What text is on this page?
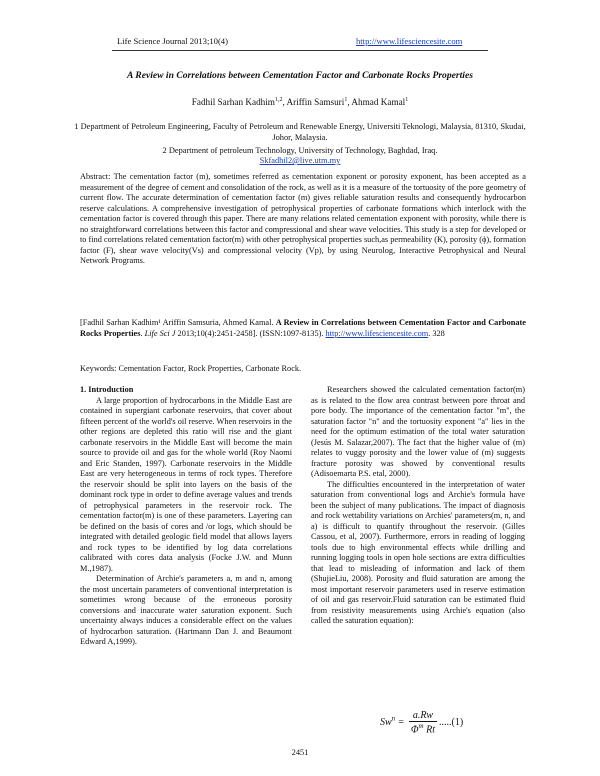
Life Science Journal 2013;10(4)	http://www.lifesciencesite.com
A Review in Correlations between Cementation Factor and Carbonate Rocks Properties
Fadhil Sarhan Kadhim$^{1,2}$, Ariffin Samsuri$^1$, Ahmad Kamal$^1$
1 Department of Petroleum Engineering, Faculty of Petroleum and Renewable Energy, Universiti Teknologi, Malaysia, 81310, Skudai, Johor, Malaysia.
2 Department of petroleum Technology, University of Technology, Baghdad, Iraq.
Skfadhil2@live.utm.my
Abstract: The cementation factor (m), sometimes referred as cementation exponent or porosity exponent, has been accepted as a measurement of the degree of cement and consolidation of the rock, as well as it is a measure of the tortuosity of the pore geometry of current flow. The accurate determination of cementation factor (m) gives reliable saturation results and consequently hydrocarbon reserve calculations. A comprehensive investigation of petrophysical properties of carbonate formations which interlock with the cementation factor is covered through this paper. There are many relations related cementation exponent with porosity, while there is no straightforward correlations between this factor and compressional and shear wave velocities. This study is a step for developed or to find correlations related cementation factor(m) with other petrophysical properties such,as permeability (K), porosity (ϕ), formation factor (F), shear wave velocity(Vs) and compressional velocity (Vp), by using Neurolog, Interactive Petrophysical and Neural Network Programs.
[Fadhil Sarhan Kadhim¹ Ariffin Samsuria, Ahmed Kamal. A Review in Correlations between Cementation Factor and Carbonate Rocks Properties. Life Sci J 2013;10(4):2451-2458]. (ISSN:1097-8135). http://www.lifesciencesite.com. 328
Keywords: Cementation Factor, Rock Properties, Carbonate Rock.

1. Introduction

A large proportion of hydrocarbons in the Middle East are contained in supergiant carbonate reservoirs, that cover about fifteen percent of the world's oil reserve. When reservoirs in the other regions are depleted this ratio will rise and the giant carbonate reservoirs in the Middle East will become the main source to provide oil and gas for the whole world (Roy Naomi and Eric Standen, 1997). Carbonate reservoirs in the Middle East are very heterogeneous in terms of rock types. Therefore the reservoir should be split into layers on the basis of the dominant rock type in order to define average values and trends of petrophysical parameters in the reservoir rock. The cementation factor(m) is one of these parameters. Layering can be defined on the basis of cores and /or logs, which should be integrated with detailed geologic field model that allows layers and rock types to be identified by log data correlations calibrated with cores data analysis (Focke J.W. and Munn M.,1987).

Determination of Archie's parameters a, m and n, among the most uncertain parameters of conventional interpretation is sometimes wrong because of the erroneous porosity conversions and inaccurate water saturation exponent. Such uncertainty always induces a considerable effect on the values of hydrocarbon saturation. (Hartmann Dan J. and Beaumont Edward A,1999).

Researchers showed the calculated cementation factor(m) as is related to the flow area contrast between pore throat and pore body. The importance of the cementation factor "m", the saturation factor "n" and the tortuosity exponent "a" lies in the need for the optimum estimation of the total water saturation (Jesús M. Salazar,2007). The fact that the higher value of (m) relates to vuggy porosity and the lower value of (m) suggests fracture porosity was showed by conventional results (Adisoemarta P.S. etal, 2000).

The difficulties encountered in the interpretation of water saturation from conventional logs and Archie's formula have been the subject of many publications. The impact of diagnosis and rock wettability variations on Archies' parameters(m, n, and a) is difficult to quantify throughout the reservoir. (Gilles Cassou, et al, 2007). Furthermore, errors in reading of logging tools due to high environmental effects while drilling and running logging tools in open hole sections are extra difficulties that lead to misleading of information and lack of them (ShujieLiu, 2008). Porosity and fluid saturation are among the most important reservoir parameters used in reserve estimation of oil and gas reservoir.Fluid saturation can be estimated fluid from resistivity measurements using Archie's equation (also called the saturation equation):

$Sw^n = \frac{a.Rw}{\Phi^m Rt} .....(1)$
2451
